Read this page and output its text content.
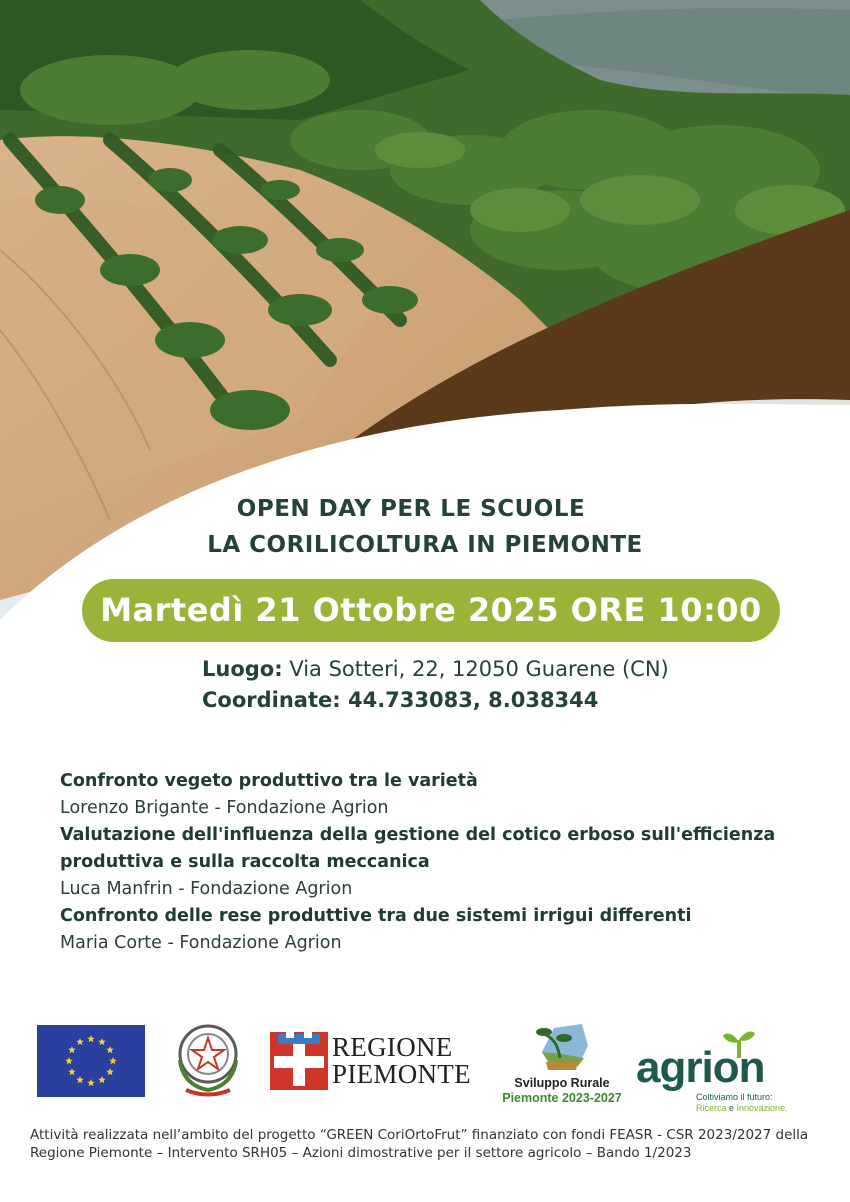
OPEN DAY PER LE SCUOLE
LA CORILICOLTURA IN PIEMONTE
Martedì 21 Ottobre 2025 ORE 10:00
Luogo: Via Sotteri, 22, 12050 Guarene (CN)
Coordinate: 44.733083, 8.038344
Confronto vegeto produttivo tra le varietà
Lorenzo Brigante - Fondazione Agrion
Valutazione dell'influenza della gestione del cotico erboso sull'efficienza produttiva e sulla raccolta meccanica
Luca Manfrin - Fondazione Agrion
Confronto delle rese produttive tra due sistemi irrigui differenti
Maria Corte - Fondazione Agrion
REGIONE
PIEMONTE	Sviluppo Rurale
Piemonte 2023-2027
agrion
Coltiviamo il futuro:
Ricerca e Innovazione.
Attività realizzata nell’ambito del progetto “GREEN CoriOrtoFrut” finanziato con fondi FEASR - CSR 2023/2027 della Regione Piemonte – Intervento SRH05 – Azioni dimostrative per il settore agricolo – Bando 1/2023
